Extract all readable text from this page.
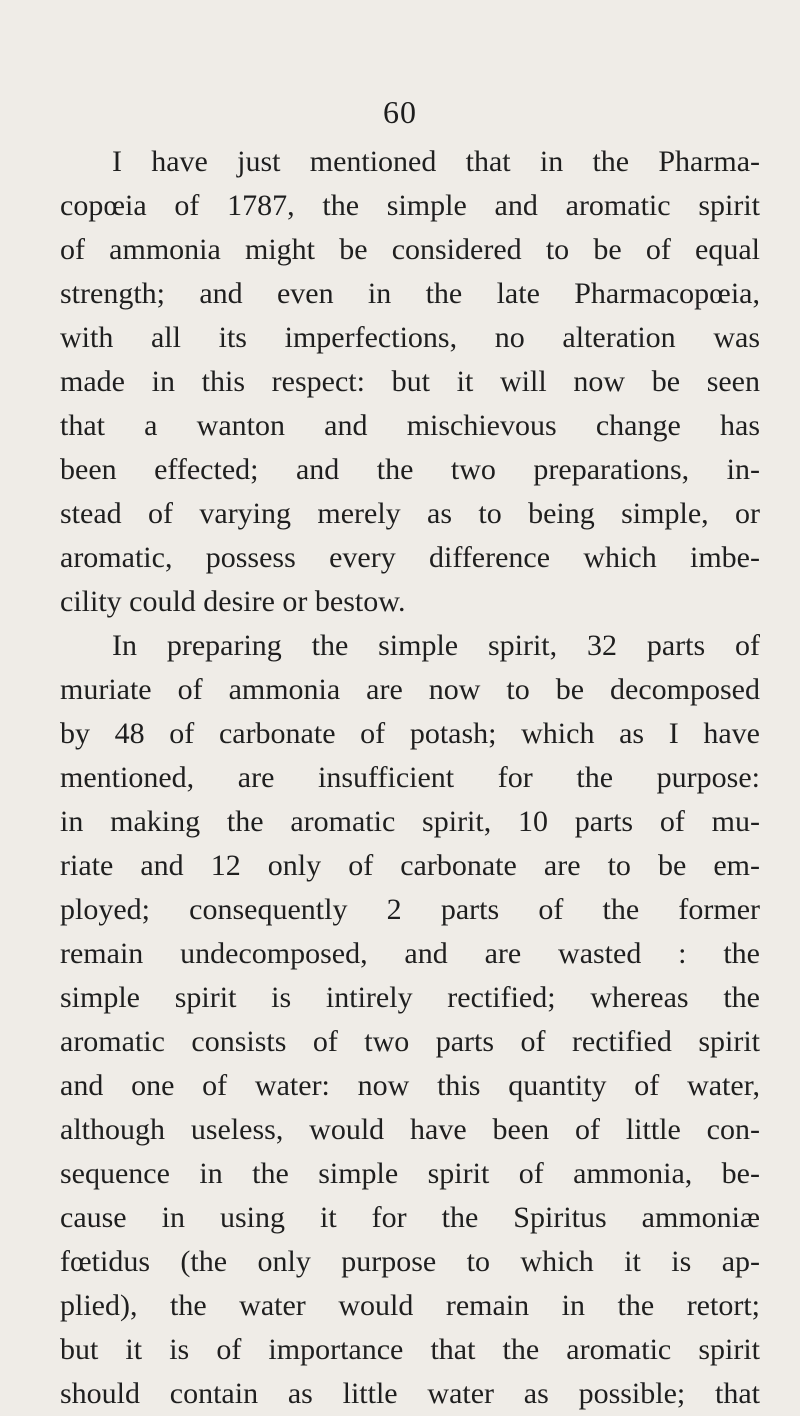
60
I have just mentioned that in the Pharma-
copœia of 1787, the simple and aromatic spirit
of ammonia might be considered to be of equal
strength; and even in the late Pharmacopœia,
with all its imperfections, no alteration was
made in this respect: but it will now be seen
that a wanton and mischievous change has
been effected; and the two preparations, in-
stead of varying merely as to being simple, or
aromatic, possess every difference which imbe-
cility could desire or bestow.
In preparing the simple spirit, 32 parts of
muriate of ammonia are now to be decomposed
by 48 of carbonate of potash; which as I have
mentioned, are insufficient for the purpose:
in making the aromatic spirit, 10 parts of mu-
riate and 12 only of carbonate are to be em-
ployed; consequently 2 parts of the former
remain undecomposed, and are wasted : the
simple spirit is intirely rectified; whereas the
aromatic consists of two parts of rectified spirit
and one of water: now this quantity of water,
although useless, would have been of little con-
sequence in the simple spirit of ammonia, be-
cause in using it for the Spiritus ammoniæ
fœtidus (the only purpose to which it is ap-
plied), the water would remain in the retort;
but it is of importance that the aromatic spirit
should contain as little water as possible; that
